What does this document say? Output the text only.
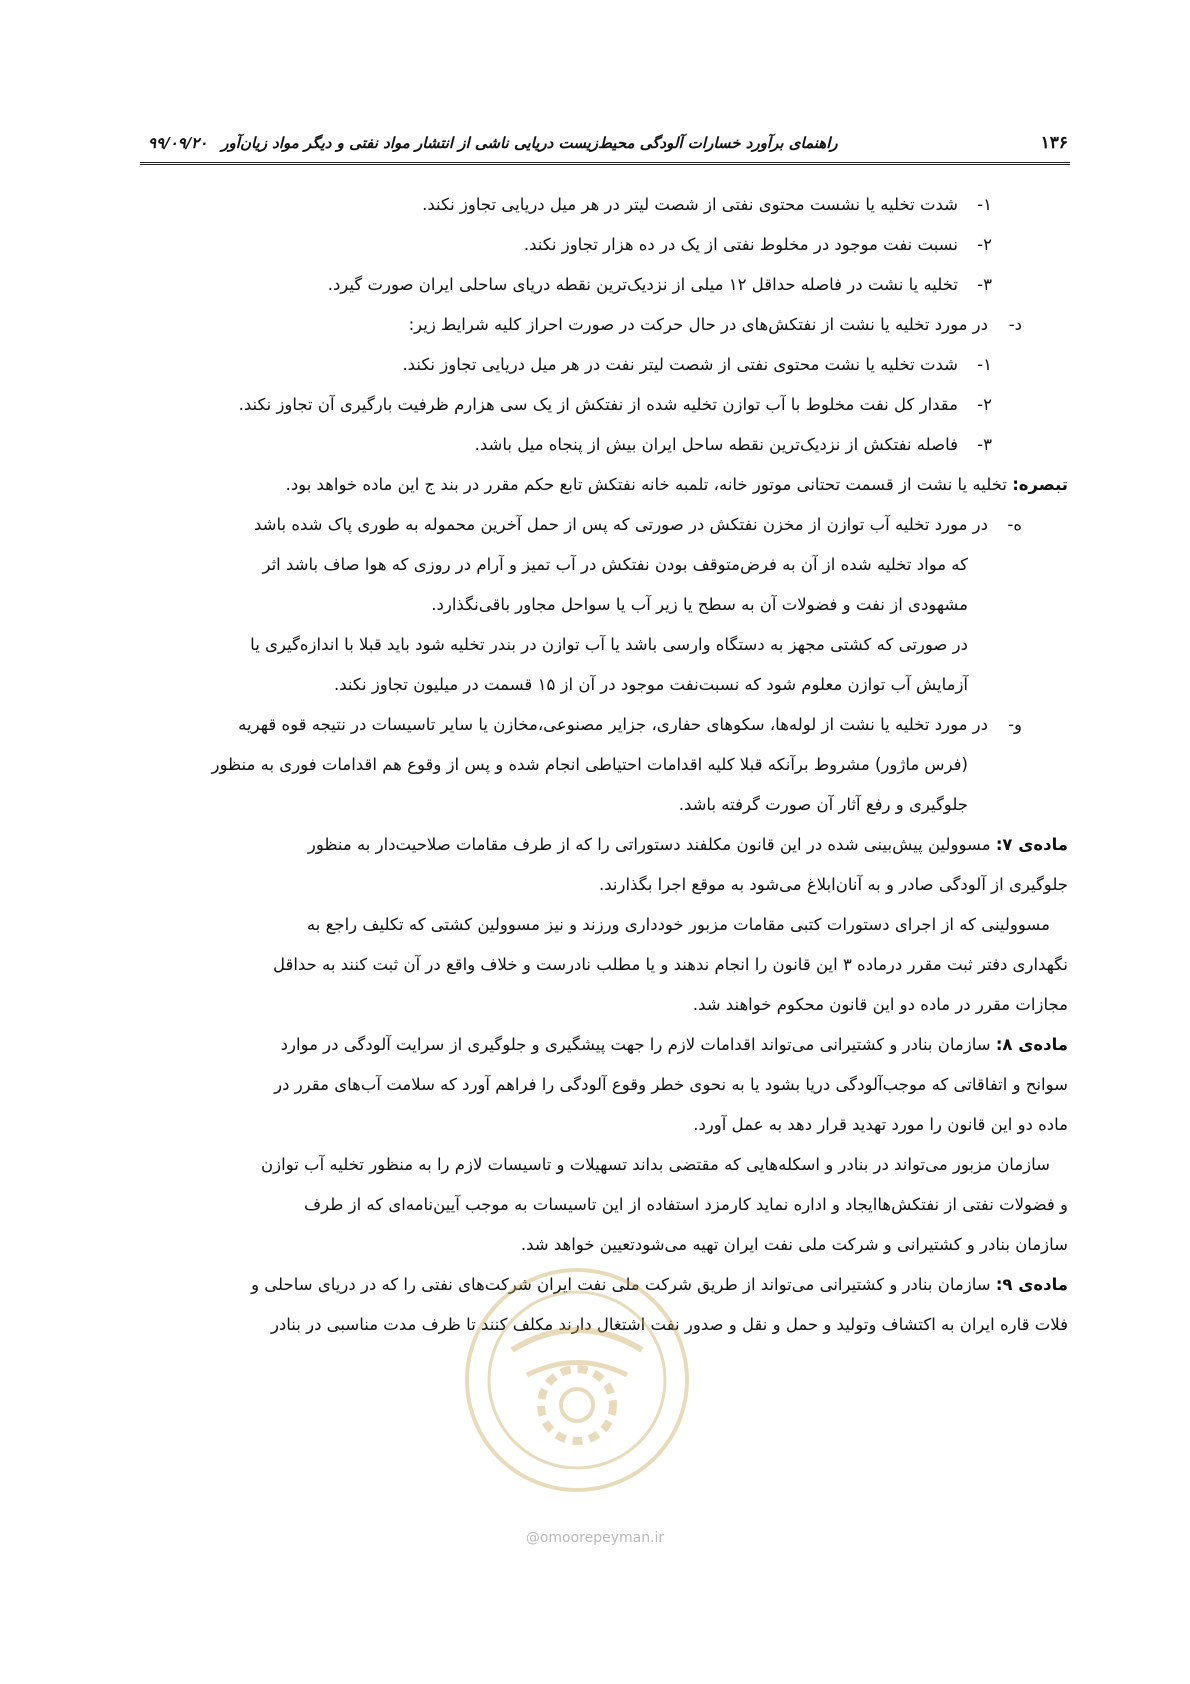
۱۳۶
راهنمای برآورد خسارات آلودگی محیط‌زیست دریایی ناشی از انتشار مواد نفتی و دیگر مواد زیان‌آور
۹۹/۰۹/۲۰
۱-شدت تخلیه یا نشست محتوی نفتی از شصت لیتر در هر میل دریایی تجاوز نکند.
۲-نسبت نفت موجود در مخلوط نفتی از یک در ده هزار تجاوز نکند.
۳-تخلیه یا نشت در فاصله حداقل ۱۲ میلی از نزدیک‌ترین نقطه دریای ساحلی ایران صورت گیرد.
د-در مورد تخلیه یا نشت از نفتکش‌های در حال حرکت در صورت احراز کلیه شرایط زیر:
۱-شدت تخلیه یا نشت محتوی نفتی از شصت لیتر نفت در هر میل دریایی تجاوز نکند.
۲-مقدار کل نفت مخلوط با آب توازن تخلیه شده از نفتکش از یک سی هزارم ظرفیت بارگیری آن تجاوز نکند.
۳-فاصله نفتکش از نزدیک‌ترین نقطه ساحل ایران بیش از پنجاه میل باشد.
تبصره: تخلیه یا نشت از قسمت تحتانی موتور خانه، تلمبه خانه نفتکش تابع حکم مقرر در بند ج این ماده خواهد بود.
ه-در مورد تخلیه آب توازن از مخزن نفتکش در صورتی که پس از حمل آخرین محموله به طوری پاک شده باشد
که مواد تخلیه شده از آن به فرض‌متوقف بودن نفتکش در آب تمیز و آرام در روزی که هوا صاف باشد اثر
مشهودی از نفت و فضولات آن به سطح یا زیر آب یا سواحل مجاور باقی‌نگذارد.
در صورتی که کشتی مجهز به دستگاه وارسی باشد یا آب توازن در بندر تخلیه شود باید قبلا با اندازه‌گیری یا
آزمایش آب توازن معلوم شود که نسبت‌نفت موجود در آن از ۱۵ قسمت در میلیون تجاوز نکند.
و-در مورد تخلیه یا نشت از لوله‌ها، سکوهای حفاری، جزایر مصنوعی،مخازن یا سایر تاسیسات در نتیجه قوه قهریه
(فرس ماژور) مشروط بر‌آنکه قبلا کلیه اقدامات احتیاطی انجام شده و پس از وقوع هم اقدامات فوری به منظور
جلوگیری و رفع آثار آن صورت گرفته باشد.
ماده‌ی ۷: مسوولین پیش‌بینی شده در این قانون مکلفند دستوراتی را که از طرف مقامات صلاحیت‌دار به منظور
جلوگیری از آلودگی صادر و به آنان‌ابلاغ می‌شود به موقع اجرا بگذارند.
مسوولینی که از اجرای دستورات کتبی مقامات مزبور خودداری ورزند و نیز مسوولین کشتی که تکلیف راجع به
نگهداری دفتر ثبت مقرر درماده ۳ این قانون را انجام ندهند و یا مطلب نادرست و خلاف واقع در آن ثبت کنند به حداقل
مجازات مقرر در ماده دو این قانون محکوم خواهند شد.
ماده‌ی ۸: سازمان بنادر و کشتیرانی می‌تواند اقدامات لازم را جهت پیشگیری و جلوگیری از سرایت آلودگی در موارد
سوانح و اتفاقاتی که موجب‌آلودگی دریا بشود یا به نحوی خطر وقوع آلودگی را فراهم آورد که سلامت آب‌های مقرر در
ماده دو این قانون را مورد تهدید قرار دهد به عمل آورد.
سازمان مزبور می‌تواند در بنادر و اسکله‌هایی که مقتضی بداند تسهیلات و تاسیسات لازم را به منظور تخلیه آب توازن
و فضولات نفتی از نفتکش‌هاایجاد و اداره نماید کارمزد استفاده از این تاسیسات به موجب آیین‌نامه‌ای که از طرف
سازمان بنادر و کشتیرانی و شرکت ملی نفت ایران تهیه می‌شودتعیین خواهد شد.
ماده‌ی ۹: سازمان بنادر و کشتیرانی می‌تواند از طریق شرکت ملی نفت ایران شرکت‌های نفتی را که در دریای ساحلی و
فلات قاره ایران به اکتشاف وتولید و حمل و نقل و صدور نفت اشتغال دارند مکلف کنند تا ظرف مدت مناسبی در بنادر
@omoorepeyman.ir
